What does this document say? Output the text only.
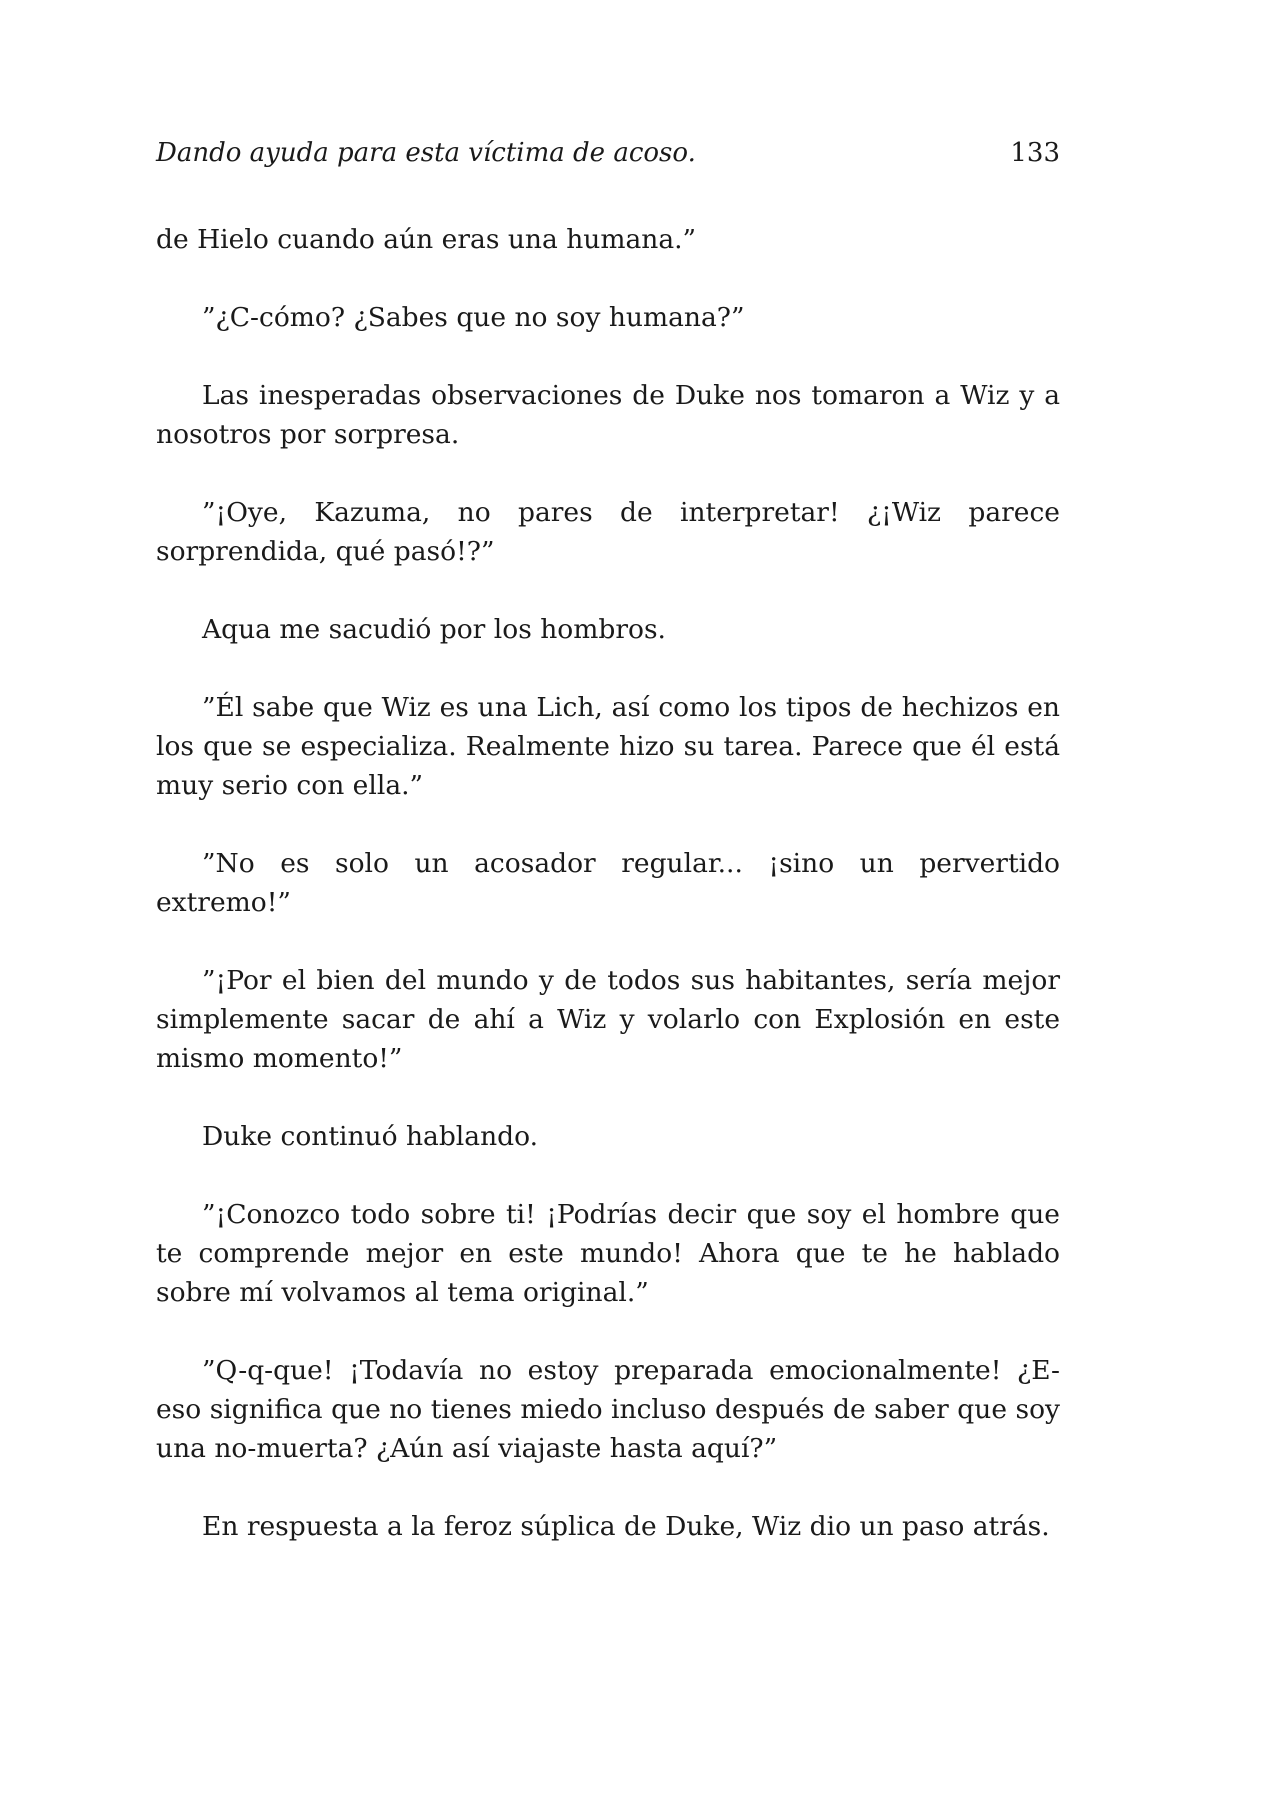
Dando ayuda para esta víctima de acoso.	133

de Hielo cuando aún eras una humana.”

”¿C-cómo? ¿Sabes que no soy humana?”

Las inesperadas observaciones de Duke nos tomaron a Wiz y a nosotros por sorpresa.

”¡Oye, Kazuma, no pares de interpretar! ¿¡Wiz parece sorprendida, qué pasó!?”

Aqua me sacudió por los hombros.

”Él sabe que Wiz es una Lich, así como los tipos de hechizos en los que se especializa. Realmente hizo su tarea. Parece que él está muy serio con ella.”

”No es solo un acosador regular... ¡sino un pervertido extremo!”

”¡Por el bien del mundo y de todos sus habitantes, sería mejor simplemente sacar de ahí a Wiz y volarlo con Explosión en este mismo momento!”

Duke continuó hablando.

”¡Conozco todo sobre ti! ¡Podrías decir que soy el hombre que te comprende mejor en este mundo! Ahora que te he hablado sobre mí volvamos al tema original.”

”Q-q-que! ¡Todavía no estoy preparada emocionalmente! ¿E-eso significa que no tienes miedo incluso después de saber que soy una no-muerta? ¿Aún así viajaste hasta aquí?”

En respuesta a la feroz súplica de Duke, Wiz dio un paso atrás.
